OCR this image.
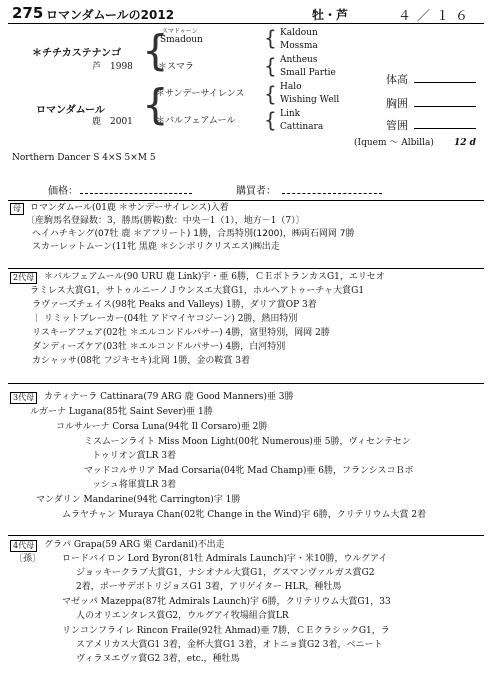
275 ロマンダムールの2012	牡・芦	４／１６
＊チチカステナンゴ
芦　1998
ロマンダムール
鹿　2001
{
{
スマドゥーン
Smadoun
＊スマラ
＊サンデーサイレンス
＊バルフェアムール
{
{
{
{
Kaldoun
Mossma
Antheus
Small Partie
Halo
Wishing Well
Link
Cattinara
体高
胸囲
管囲
(Iquem ～ Albilla) 12 d
Northern Dancer S 4×S 5×M 5
価格：	購買者：
母	ロマンダムール(01鹿 ＊サンデーサイレンス)入着
〔産駒馬名登録数：3，勝馬(勝鞍)数：中央－1（1），地方－1（7）〕
ヘイハチキング(07牡 鹿 ＊アフリート) 1勝，合馬特別(1200)，㈱両石岡岡 7勝
スカーレットムーン(11牝 黒鹿 ＊シンボリクリスエス)㈱出走
2代母	＊バルフェアムール(90 URU 鹿 Link)宇・亜 6勝，ＣＥボトランカスG1，エリセオ
ラミレス大賞G1，サトゥルニーノＪウンスエ大賞G1，ホルヘアトゥーチャ大賞G1
ラヴァーズチェイス(98牝 Peaks and Valleys) 1勝，ダリア賞OP 3着
｜ リミットブレーカー(04牡 アドマイヤコジーン) 2勝，熱田特別
リスキーアフェア(02牡 ＊エルコンドルパサー) 4勝，富里特別，岡岡 2勝
ダンディーズケア(03牡 ＊エルコンドルパサー) 4勝，白河特別
カシャッサ(08牝 フジキセキ)北岡 1勝，金の鞍賞 3着
3代母	カティナーラ Cattinara(79 ARG 鹿 Good Manners)亜 3勝
ルガーナ Lugana(85牝 Saint Sever)亜 1勝
コルサルーナ Corsa Luna(94牝 Il Corsaro)亜 2勝
ミスムーンライト Miss Moon Light(00牝 Numerous)亜 5勝，ヴィセンテセン
トゥリオン賞LR 3着
マッドコルサリア Mad Corsaria(04牝 Mad Champ)亜 6勝，フランシスコＢボ
ッシュ将軍賞LR 3着
マンダリン Mandarine(94牝 Carrington)宇 1勝
ムラヤチャン Muraya Chan(02牝 Change in the Wind)宇 6勝，クリテリウム大賞 2着
4代母	グラパ Grapa(59 ARG 栗 Cardanil)不出走
〔孫〕 ロードバイロン Lord Byron(81牡 Admirals Launch)宇・米10勝，ウルグアイ
ジョッキークラブ大賞G1，ナシオナル大賞G1，グスマンヴァルガス賞G2
2着，ポーサデポトリジョスG1 3着，アリゲイター HLR，種牡馬
マゼッパ Mazeppa(87牝 Admirals Launch)宇 6勝，クリテリウム大賞G1，33
人のオリエンタレス賞G2，ウルグアイ牧場組合賞LR
リンコンフライレ Rincon Fraile(92牡 Ahmad)亜 7勝，ＣＥクラシックG1，ラ
スアメリカス大賞G1 3着，金杯大賞G1 3着，オトニョ賞G2 3着，ベニート
ヴィラヌエヴァ賞G2 3着，etc.，種牡馬
